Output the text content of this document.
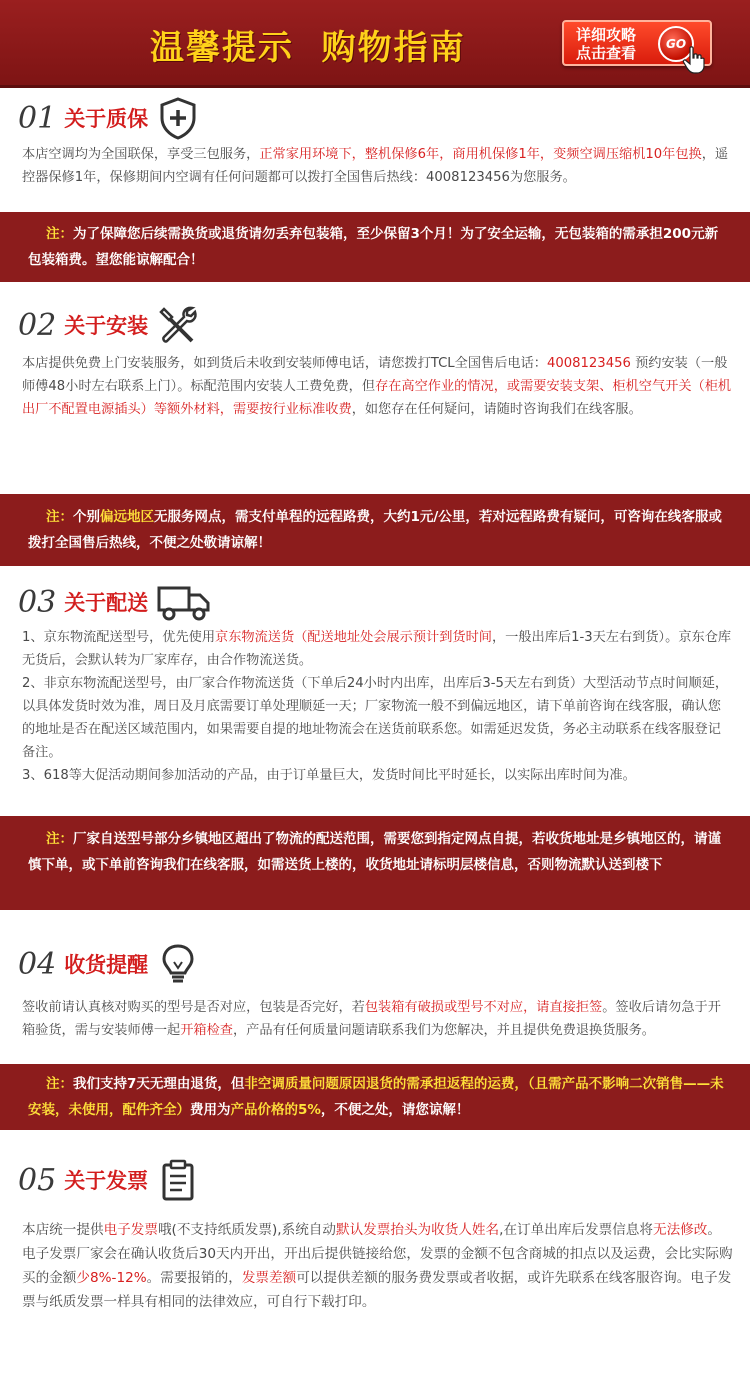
温馨提示  购物指南	详细攻略
点击查看	GO
01 关于质保
本店空调均为全国联保，享受三包服务，正常家用环境下，整机保修6年，商用机保修1年，变频空调压缩机10年包换，遥控器保修1年，保修期间内空调有任何问题都可以拨打全国售后热线：4008123456为您服务。
注：为了保障您后续需换货或退货请勿丢弃包装箱，至少保留3个月！为了安全运输，无包装箱的需承担200元新包装箱费。望您能谅解配合！
02 关于安装
本店提供免费上门安装服务，如到货后未收到安装师傅电话，请您拨打TCL全国售后电话：4008123456 预约安装（一般师傅48小时左右联系上门）。标配范围内安装人工费免费，但存在高空作业的情况，或需要安装支架、柜机空气开关（柜机出厂不配置电源插头）等额外材料，需要按行业标准收费，如您存在任何疑问，请随时咨询我们在线客服。
注：个别偏远地区无服务网点，需支付单程的远程路费，大约1元/公里，若对远程路费有疑问，可咨询在线客服或拨打全国售后热线，不便之处敬请谅解！
03 关于配送
1、京东物流配送型号，优先使用京东物流送货（配送地址处会展示预计到货时间，一般出库后1-3天左右到货）。京东仓库无货后，会默认转为厂家库存，由合作物流送货。
2、非京东物流配送型号，由厂家合作物流送货（下单后24小时内出库，出库后3-5天左右到货）大型活动节点时间顺延，以具体发货时效为准，周日及月底需要订单处理顺延一天；厂家物流一般不到偏远地区，请下单前咨询在线客服，确认您的地址是否在配送区域范围内，如果需要自提的地址物流会在送货前联系您。如需延迟发货，务必主动联系在线客服登记备注。
3、618等大促活动期间参加活动的产品，由于订单量巨大，发货时间比平时延长，以实际出库时间为准。
注：厂家自送型号部分乡镇地区超出了物流的配送范围，需要您到指定网点自提，若收货地址是乡镇地区的，请谨慎下单，或下单前咨询我们在线客服，如需送货上楼的，收货地址请标明层楼信息，否则物流默认送到楼下
04 收货提醒
签收前请认真核对购买的型号是否对应，包装是否完好，若包装箱有破损或型号不对应，请直接拒签。签收后请勿急于开箱验货，需与安装师傅一起开箱检查，产品有任何质量问题请联系我们为您解决，并且提供免费退换货服务。
注：我们支持7天无理由退货，但非空调质量问题原因退货的需承担返程的运费，（且需产品不影响二次销售——未安装，未使用，配件齐全）费用为产品价格的5%，不便之处，请您谅解！
05 关于发票
本店统一提供电子发票哦(不支持纸质发票),系统自动默认发票抬头为收货人姓名,在订单出库后发票信息将无法修改。电子发票厂家会在确认收货后30天内开出，开出后提供链接给您，发票的金额不包含商城的扣点以及运费，会比实际购买的金额少8%-12%。需要报销的，发票差额可以提供差额的服务费发票或者收据，或许先联系在线客服咨询。电子发票与纸质发票一样具有相同的法律效应，可自行下载打印。
